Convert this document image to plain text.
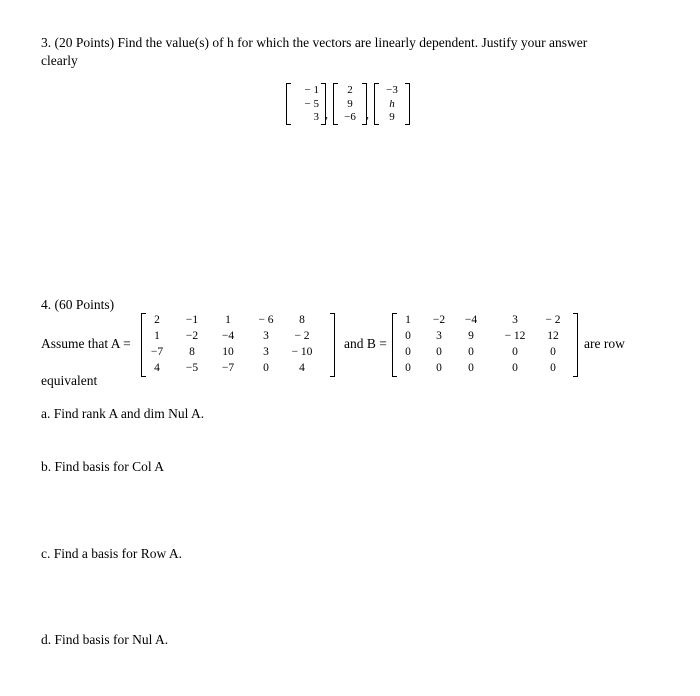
3. (20 Points) Find the value(s) of h for which the vectors are linearly dependent. Justify your answer
clearly
− 1
− 5
3 ,
2
9
−6 ,
−3
h
9
4. (60 Points)
Assume that A =
2	−1	1	− 6	8
1	−2	−4	3	− 2
−7	8	10	3	− 10
4	−5	−7	0	4
and B =
1	−2	−4	3	− 2
0	3	9	− 12	12
0	0	0	0	0
0	0	0	0	0
are row
equivalent
a. Find rank A and dim Nul A.
b. Find basis for Col A
c. Find a basis for Row A.
d. Find basis for Nul A.
